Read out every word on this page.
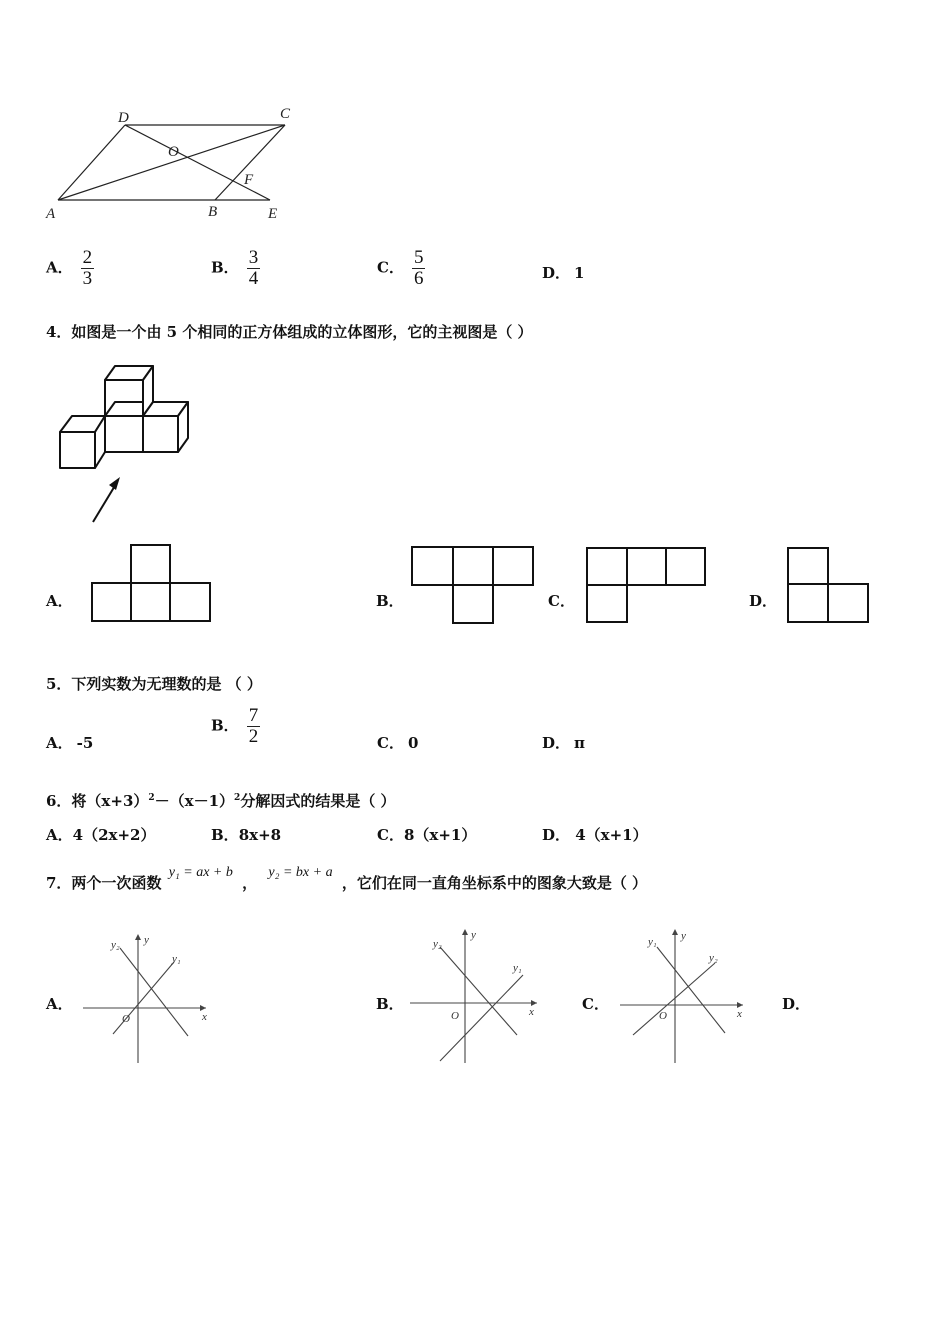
D	C
O
F
A	B	E
A． $\frac{2}{3}$	B． $\frac{3}{4}$	C． $\frac{5}{6}$	D． 1
4．如图是一个由 5 个相同的正方体组成的立体图形，它的主视图是（ ）
A．	B．	C．	D．
5．下列实数为无理数的是 （ ）
A． -5
B． $\frac{7}{2}$	C． 0	D． π
6．将$(x+3)^2-(x-1)^2$分解因式的结果是（ ）
A．4（2x+2）	B．8x+8	C．8（x+1）	D． 4（x+1）
7．两个一次函数 y₁ = ax + b ， y₂ = bx + a ，它们在同一直角坐标系中的图象大致是（ ）
A．
x
y
O
y₂
y₁
B．	x
y
O
y₂
y₁
C．
x
y
O
y₁
y₂
D．
